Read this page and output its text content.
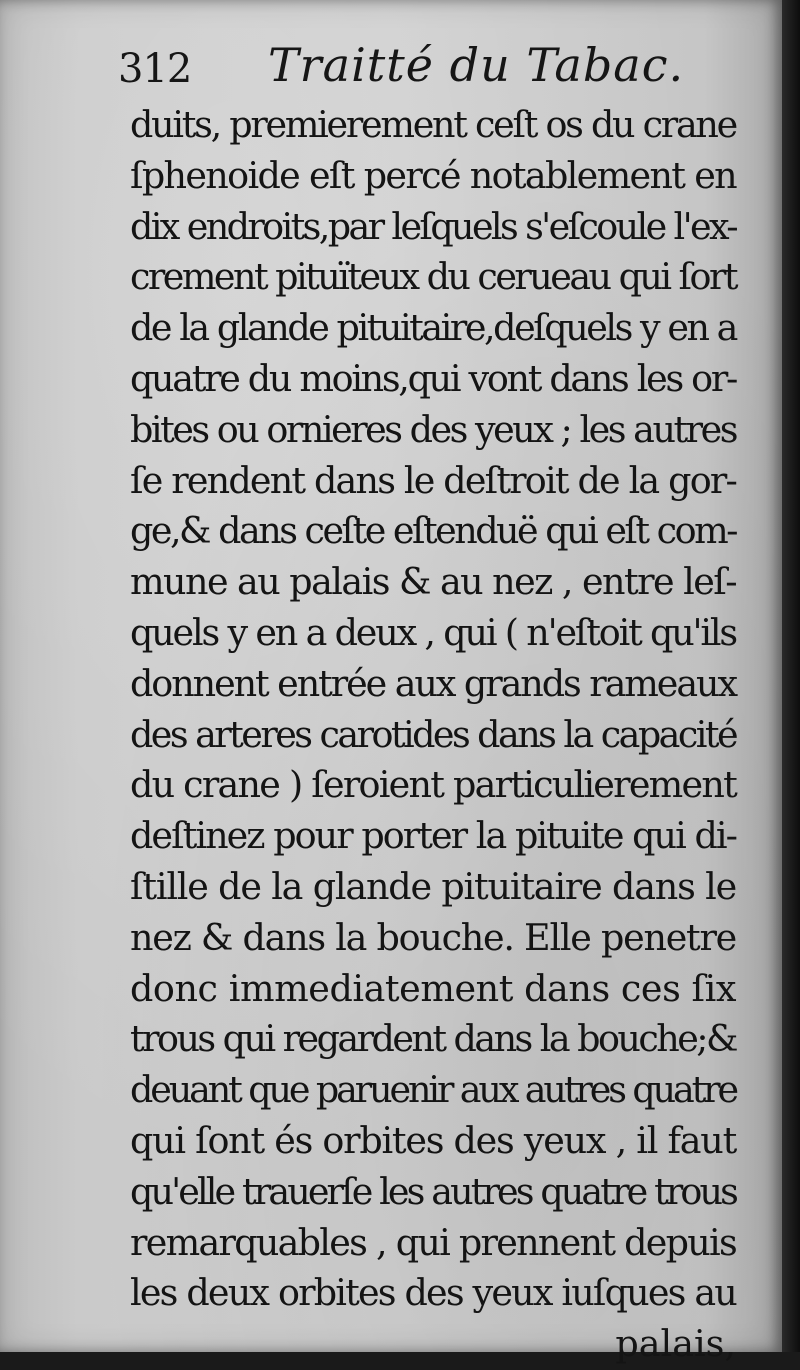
312 Traitté du Tabac.
duits, premierement ceſt os du crane
ſphenoide eſt percé notablement en
dix endroits,par leſquels s'eſcoule l'ex-
crement pituïteux du cerueau qui ſort
de la glande pituitaire,deſquels y en a
quatre du moins,qui vont dans les or-
bites ou ornieres des yeux ; les autres
ſe rendent dans le deſtroit de la gor-
ge,& dans ceſte eſtenduë qui eſt com-
mune au palais & au nez , entre leſ-
quels y en a deux , qui ( n'eſtoit qu'ils
donnent entrée aux grands rameaux
des arteres carotides dans la capacité
du crane ) ſeroient particulierement
deſtinez pour porter la pituite qui di-
ſtille de la glande pituitaire dans le
nez & dans la bouche. Elle penetre
donc immediatement dans ces ſix
trous qui regardent dans la bouche;&
deuant que paruenir aux autres quatre
qui ſont és orbites des yeux , il faut
qu'elle trauerſe les autres quatre trous
remarquables , qui prennent depuis
les deux orbites des yeux iuſques au
palais,
